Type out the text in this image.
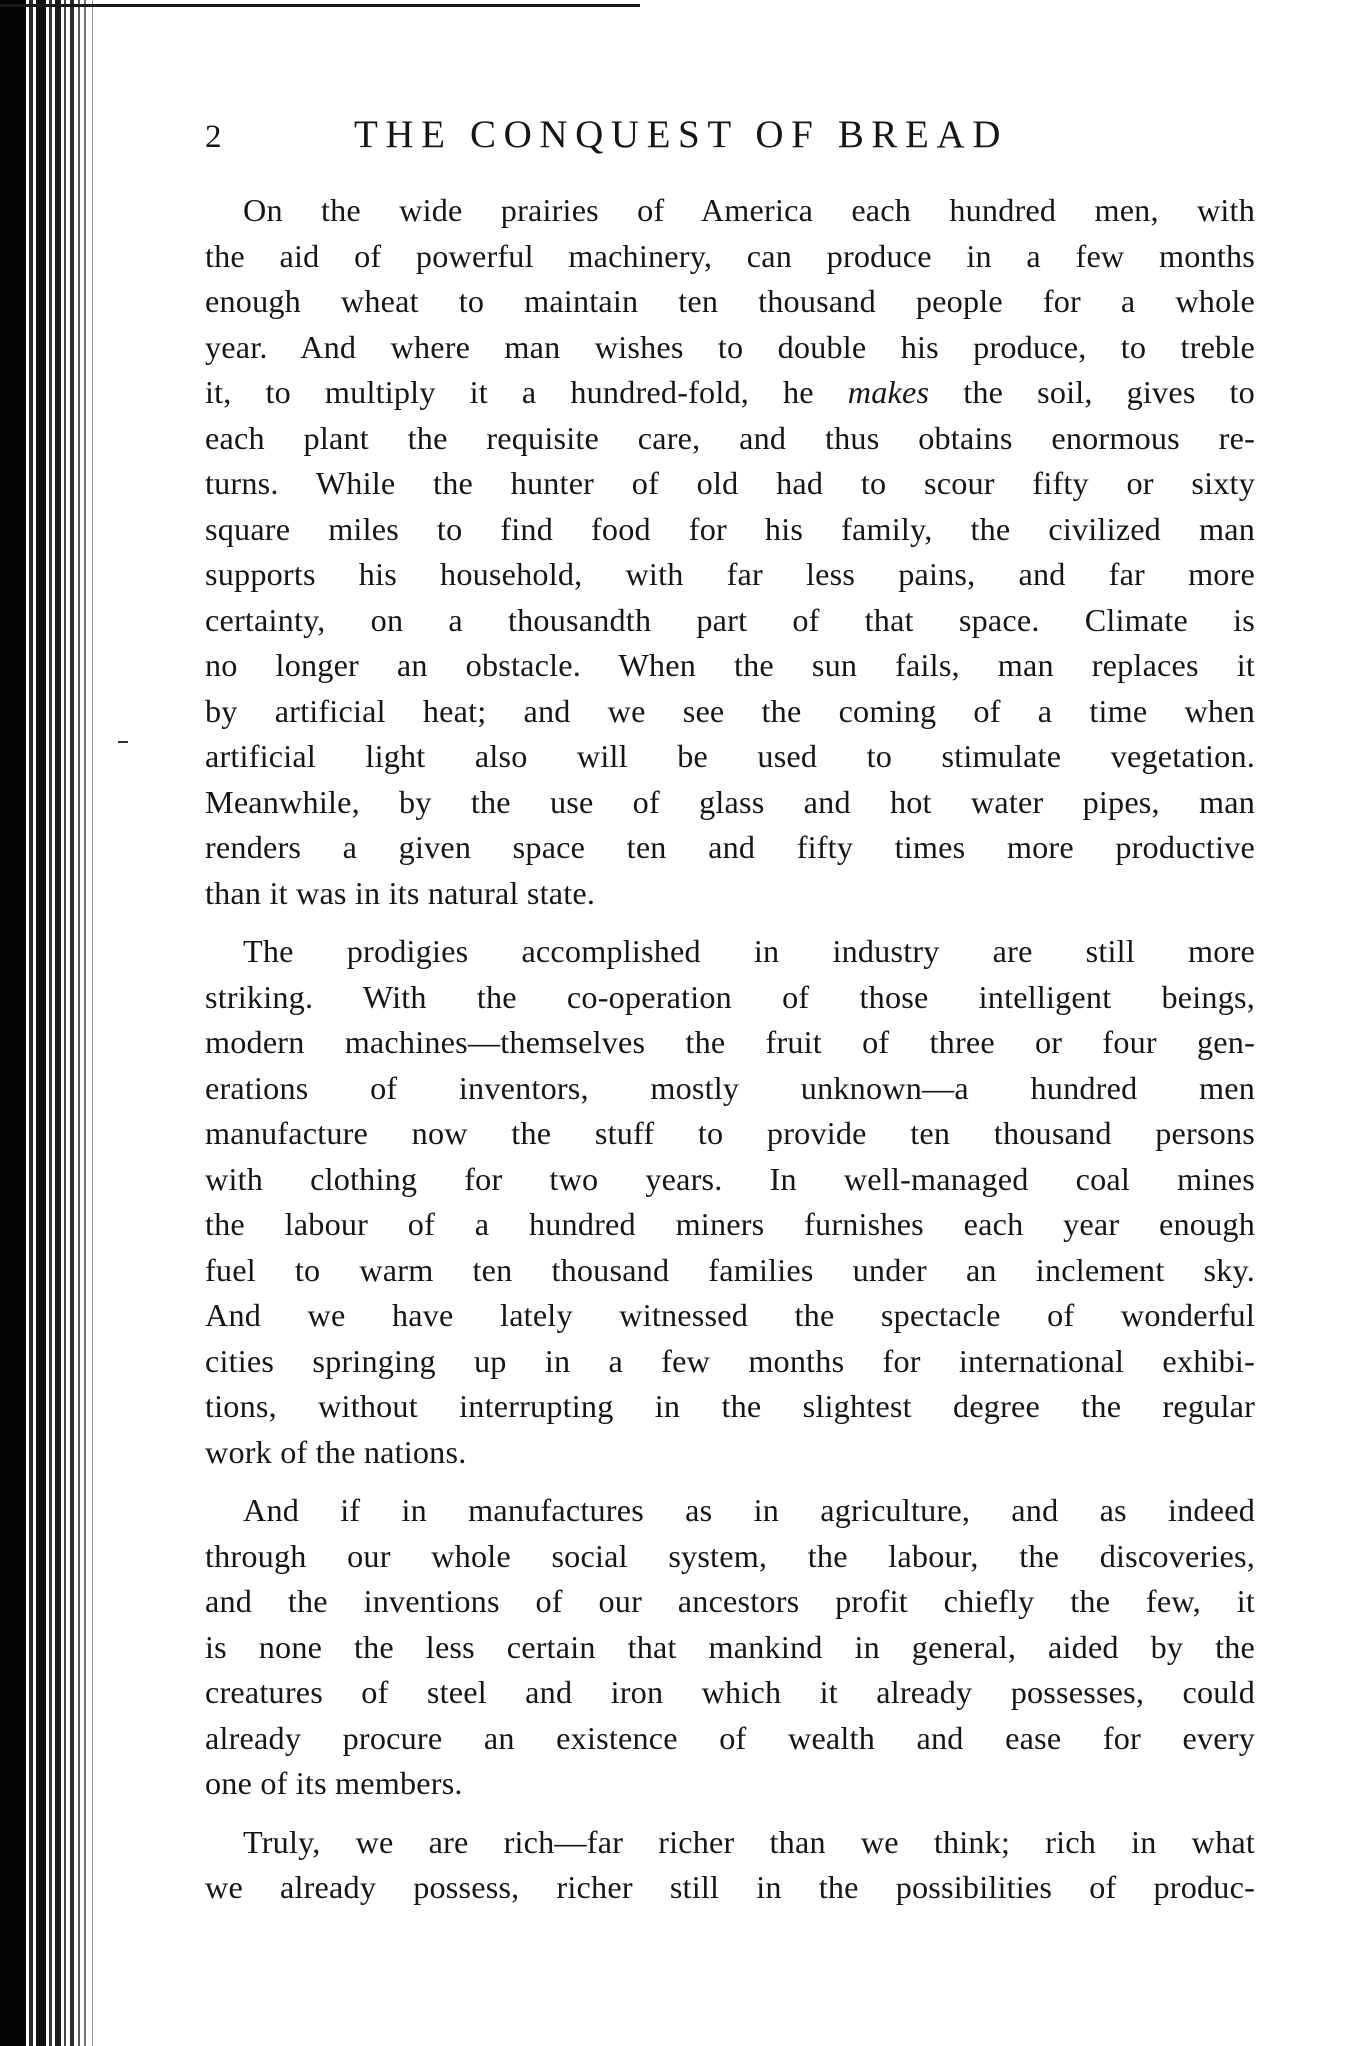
2	THE CONQUEST OF BREAD
On the wide prairies of America each hundred men, with
the aid of powerful machinery, can produce in a few months
enough wheat to maintain ten thousand people for a whole
year. And where man wishes to double his produce, to treble
it, to multiply it a hundred-fold, he makes the soil, gives to
each plant the requisite care, and thus obtains enormous re-
turns. While the hunter of old had to scour fifty or sixty
square miles to find food for his family, the civilized man
supports his household, with far less pains, and far more
certainty, on a thousandth part of that space. Climate is
no longer an obstacle. When the sun fails, man replaces it
by artificial heat; and we see the coming of a time when
artificial light also will be used to stimulate vegetation.
Meanwhile, by the use of glass and hot water pipes, man
renders a given space ten and fifty times more productive
than it was in its natural state.
The prodigies accomplished in industry are still more
striking. With the co-operation of those intelligent beings,
modern machines—themselves the fruit of three or four gen-
erations of inventors, mostly unknown—a hundred men
manufacture now the stuff to provide ten thousand persons
with clothing for two years. In well-managed coal mines
the labour of a hundred miners furnishes each year enough
fuel to warm ten thousand families under an inclement sky.
And we have lately witnessed the spectacle of wonderful
cities springing up in a few months for international exhibi-
tions, without interrupting in the slightest degree the regular
work of the nations.
And if in manufactures as in agriculture, and as indeed
through our whole social system, the labour, the discoveries,
and the inventions of our ancestors profit chiefly the few, it
is none the less certain that mankind in general, aided by the
creatures of steel and iron which it already possesses, could
already procure an existence of wealth and ease for every
one of its members.
Truly, we are rich—far richer than we think; rich in what
we already possess, richer still in the possibilities of produc-
